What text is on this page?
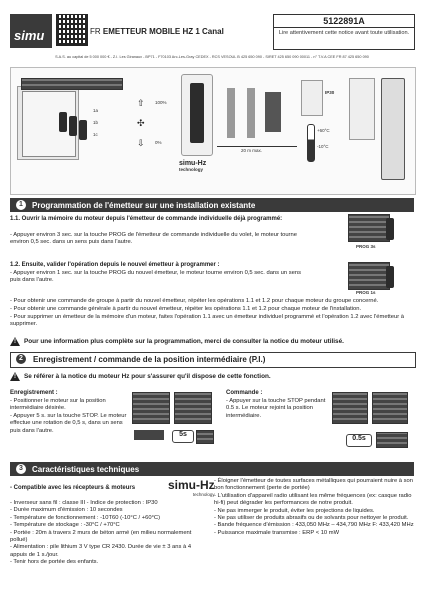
simu	FR EMETTEUR MOBILE HZ 1 Canal
5122891A
Lire attentivement cette notice avant toute utilisation.
S.A.S. au capital de 5 000 000 € - Z.I. Les Giranaux - BP71 - F70103 Arc-Les-Gray CEDEX - RCS VESOUL B 425 650 090 - SIRET 425 650 090 00011 - n° T.V.A CEE FR 87 425 650 090
1a
1b
1c
⇧
✣
⇩
100%
0%
simu-Hz
technology
20 m max.
IP30
+60°C
-10°C
1	Programmation de l'émetteur sur une installation existante
1.1. Ouvrir la mémoire du moteur depuis l'émetteur de commande individuelle déjà programmé:
- Appuyer environ 3 sec. sur la touche PROG de l'émetteur de commande individuelle du volet, le moteur tourne environ 0,5 sec. dans un sens puis dans l'autre.
PROG 3s
1.2. Ensuite, valider l'opération depuis le nouvel émetteur à programmer :
- Appuyer environ 1 sec. sur la touche PROG du nouvel émetteur, le moteur tourne environ 0,5 sec. dans un sens puis dans l'autre.
PROG 1s
- Pour obtenir une commande de groupe à partir du nouvel émetteur, répéter les opérations 1.1 et 1.2 pour chaque moteur du groupe concerné.
- Pour obtenir une commande générale à partir du nouvel émetteur, répéter les opérations 1.1 et 1.2 pour chaque moteur de l'installation.
- Pour supprimer un émetteur de la mémoire d'un moteur, faites l'opération 1.1 avec un émetteur individuel programmé et l'opération 1.2 avec l'émetteur à supprimer.
! Pour une information plus complète sur la programmation, merci de consulter la notice du moteur utilisé.
2	Enregistrement / commande de la position intermédiaire (P.I.)
! Se référer à la notice du moteur Hz pour s'assurer qu'il dispose de cette fonction.
Enregistrement :
- Positionner le moteur sur la position intermédiaire désirée.
- Appuyer 5 s. sur la touche STOP. Le moteur effectue une rotation de 0,5 s, dans un sens puis dans l'autre.
5s
Commande :
- Appuyer sur la touche STOP pendant 0.5 s. Le moteur rejoint la position intermédiaire.
0.5s
3	Caractéristiques techniques
- Compatible avec les récepteurs & moteurs	simu-Hz
technology
- Inverseur sans fil : classe III - Indice de protection : IP30
- Durée maximum d'émission : 10 secondes
- Température de fonctionnement : -10T60 (-10°C / +60°C)
- Température de stockage : -30°C / +70°C
- Portée : 20m à travers 2 murs de béton armé (en milieu normalement pollué)
- Alimentation : pile lithium 3 V type CR 2430. Durée de vie ± 3 ans à 4 appuis de 1 s./jour.
- Tenir hors de portée des enfants.
- Éloigner l'émetteur de toutes surfaces métalliques qui pourraient nuire à son bon fonctionnement (perte de portée)
- L'utilisation d'appareil radio utilisant les même fréquences (ex: casque radio hi-fi) peut dégrader les performances de notre produit.
- Ne pas immerger le produit, éviter les projections de liquides.
- Ne pas utiliser de produits abrasifs ou de solvants pour nettoyer le produit.
- Bande fréquence d'émission : 433,050 MHz – 434,790 MHz F: 433,420 MHz
- Puissance maximale transmise : ERP < 10 mW
